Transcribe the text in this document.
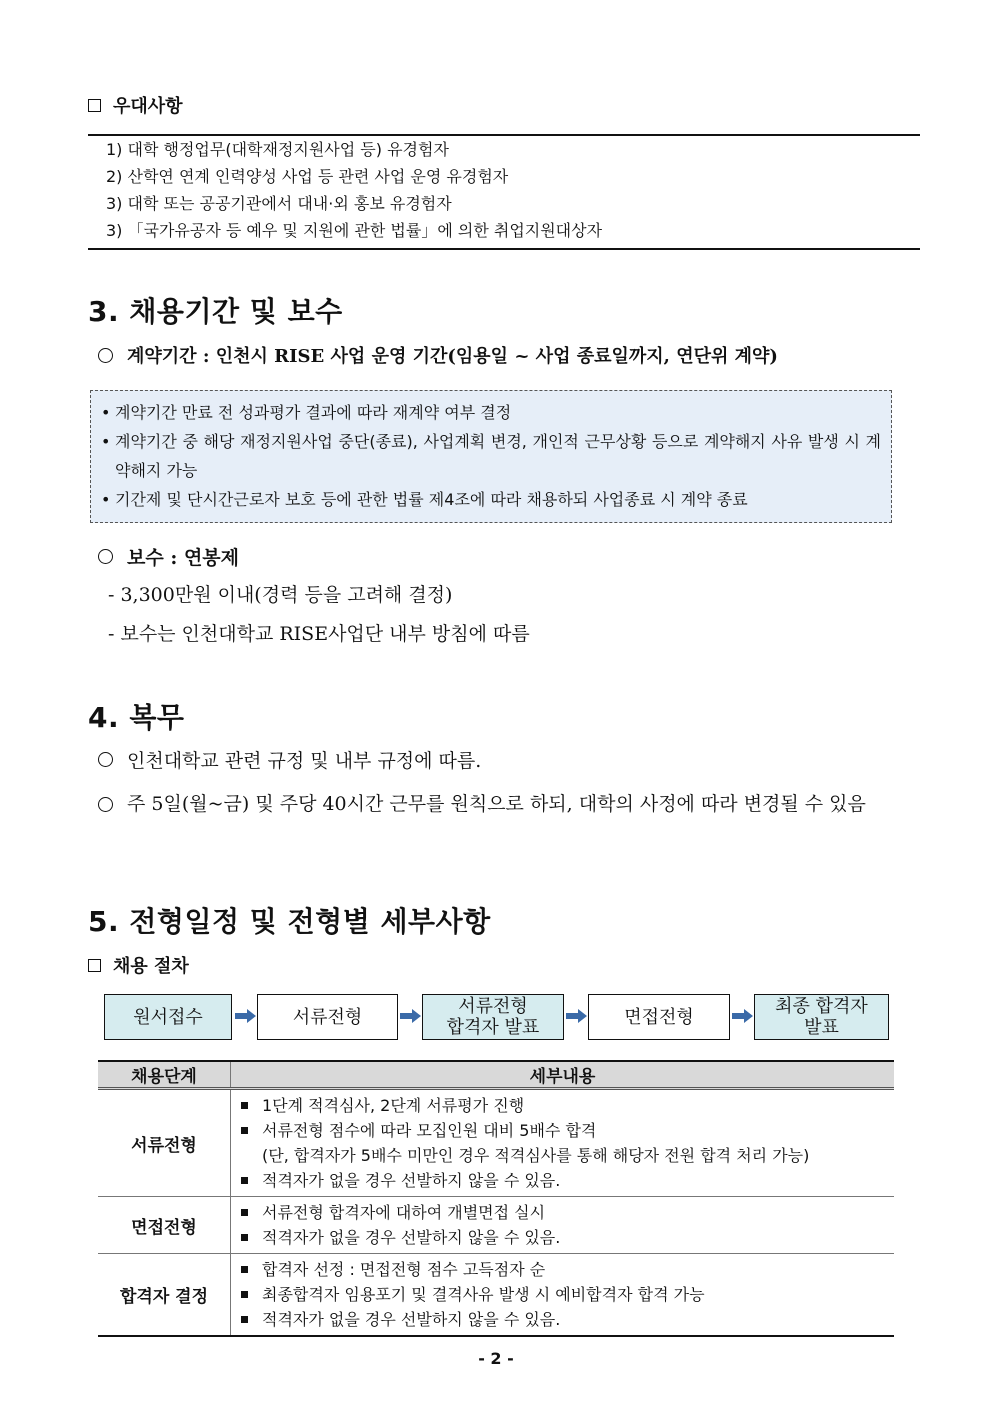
우대사항
1) 대학 행정업무(대학재정지원사업 등) 유경험자
2) 산학연 연계 인력양성 사업 등 관련 사업 운영 유경험자
3) 대학 또는 공공기관에서 대내·외 홍보 유경험자
3) 「국가유공자 등 예우 및 지원에 관한 법률」에 의한 취업지원대상자
3. 채용기간 및 보수
계약기간 : 인천시 RISE 사업 운영 기간(임용일 ~ 사업 종료일까지, 연단위 계약)
• 계약기간 만료 전 성과평가 결과에 따라 재계약 여부 결정
• 계약기간 중 해당 재정지원사업 중단(종료), 사업계획 변경, 개인적 근무상황 등으로 계약해지 사유 발생 시 계약해지 가능
• 기간제 및 단시간근로자 보호 등에 관한 법률 제4조에 따라 채용하되 사업종료 시 계약 종료
보수 : 연봉제
- 3,300만원 이내(경력 등을 고려해 결정)
- 보수는 인천대학교 RISE사업단 내부 방침에 따름
4. 복무
인천대학교 관련 규정 및 내부 규정에 따름.
주 5일(월~금) 및 주당 40시간 근무를 원칙으로 하되, 대학의 사정에 따라 변경될 수 있음
5. 전형일정 및 전형별 세부사항
채용 절차
원서접수	서류전형	서류전형
합격자 발표	면접전형	최종 합격자
발표
채용단계	세부내용
서류전형	1단계 적격심사, 2단계 서류평가 진행
서류전형 점수에 따라 모집인원 대비 5배수 합격
(단, 합격자가 5배수 미만인 경우 적격심사를 통해 해당자 전원 합격 처리 가능)
적격자가 없을 경우 선발하지 않을 수 있음.

면접전형	서류전형 합격자에 대하여 개별면접 실시
적격자가 없을 경우 선발하지 않을 수 있음.

합격자 결정	합격자 선정 : 면접전형 점수 고득점자 순
최종합격자 임용포기 및 결격사유 발생 시 예비합격자 합격 가능
적격자가 없을 경우 선발하지 않을 수 있음.
- 2 -
